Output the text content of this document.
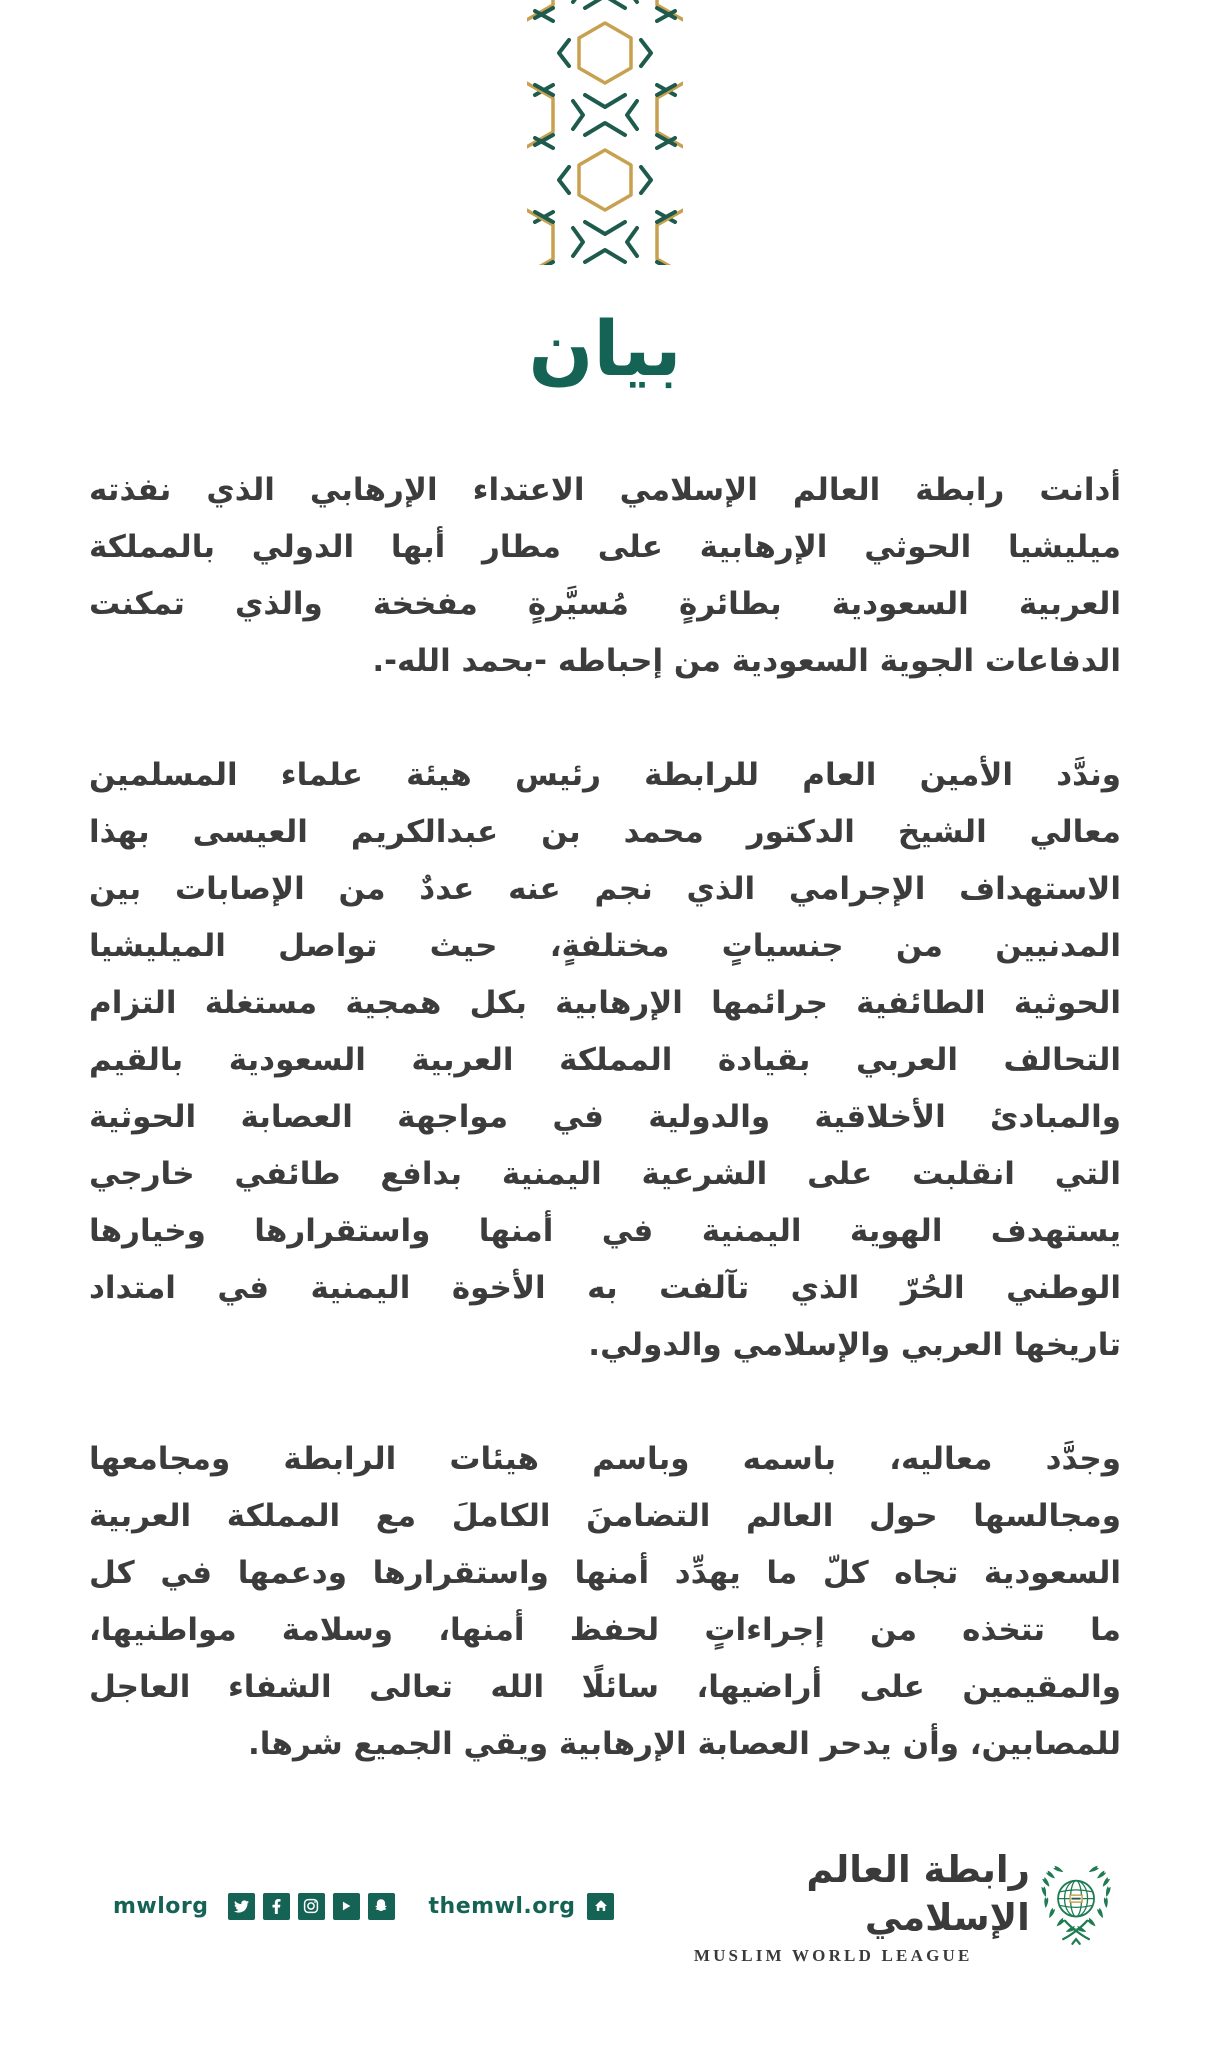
بيان
أدانت رابطة العالم الإسلامي الاعتداء الإرهابي الذي نفذته
ميليشيا الحوثي الإرهابية على مطار أبها الدولي بالمملكة
العربية السعودية بطائرةٍ مُسيَّرةٍ مفخخة والذي تمكنت
الدفاعات الجوية السعودية من إحباطه -بحمد الله-.
وندَّد الأمين العام للرابطة رئيس هيئة علماء المسلمين
معالي الشيخ الدكتور محمد بن عبدالكريم العيسى بهذا
الاستهداف الإجرامي الذي نجم عنه عددٌ من الإصابات بين
المدنيين من جنسياتٍ مختلفةٍ، حيث تواصل الميليشيا
الحوثية الطائفية جرائمها الإرهابية بكل همجية مستغلة التزام
التحالف العربي بقيادة المملكة العربية السعودية بالقيم
والمبادئ الأخلاقية والدولية في مواجهة العصابة الحوثية
التي انقلبت على الشرعية اليمنية بدافع طائفي خارجي
يستهدف الهوية اليمنية في أمنها واستقرارها وخيارها
الوطني الحُرّ الذي تآلفت به الأخوة اليمنية في امتداد
تاريخها العربي والإسلامي والدولي.
وجدَّد معاليه، باسمه وباسم هيئات الرابطة ومجامعها
ومجالسها حول العالم التضامنَ الكاملَ مع المملكة العربية
السعودية تجاه كلّ ما يهدِّد أمنها واستقرارها ودعمها في كل
ما تتخذه من إجراءاتٍ لحفظ أمنها، وسلامة مواطنيها،
والمقيمين على أراضيها، سائلًا الله تعالى الشفاء العاجل
للمصابين، وأن يدحر العصابة الإرهابية ويقي الجميع شرها.
mwlorg	themwl.org
رابطة العالم الإسلامي
MUSLIM WORLD LEAGUE
